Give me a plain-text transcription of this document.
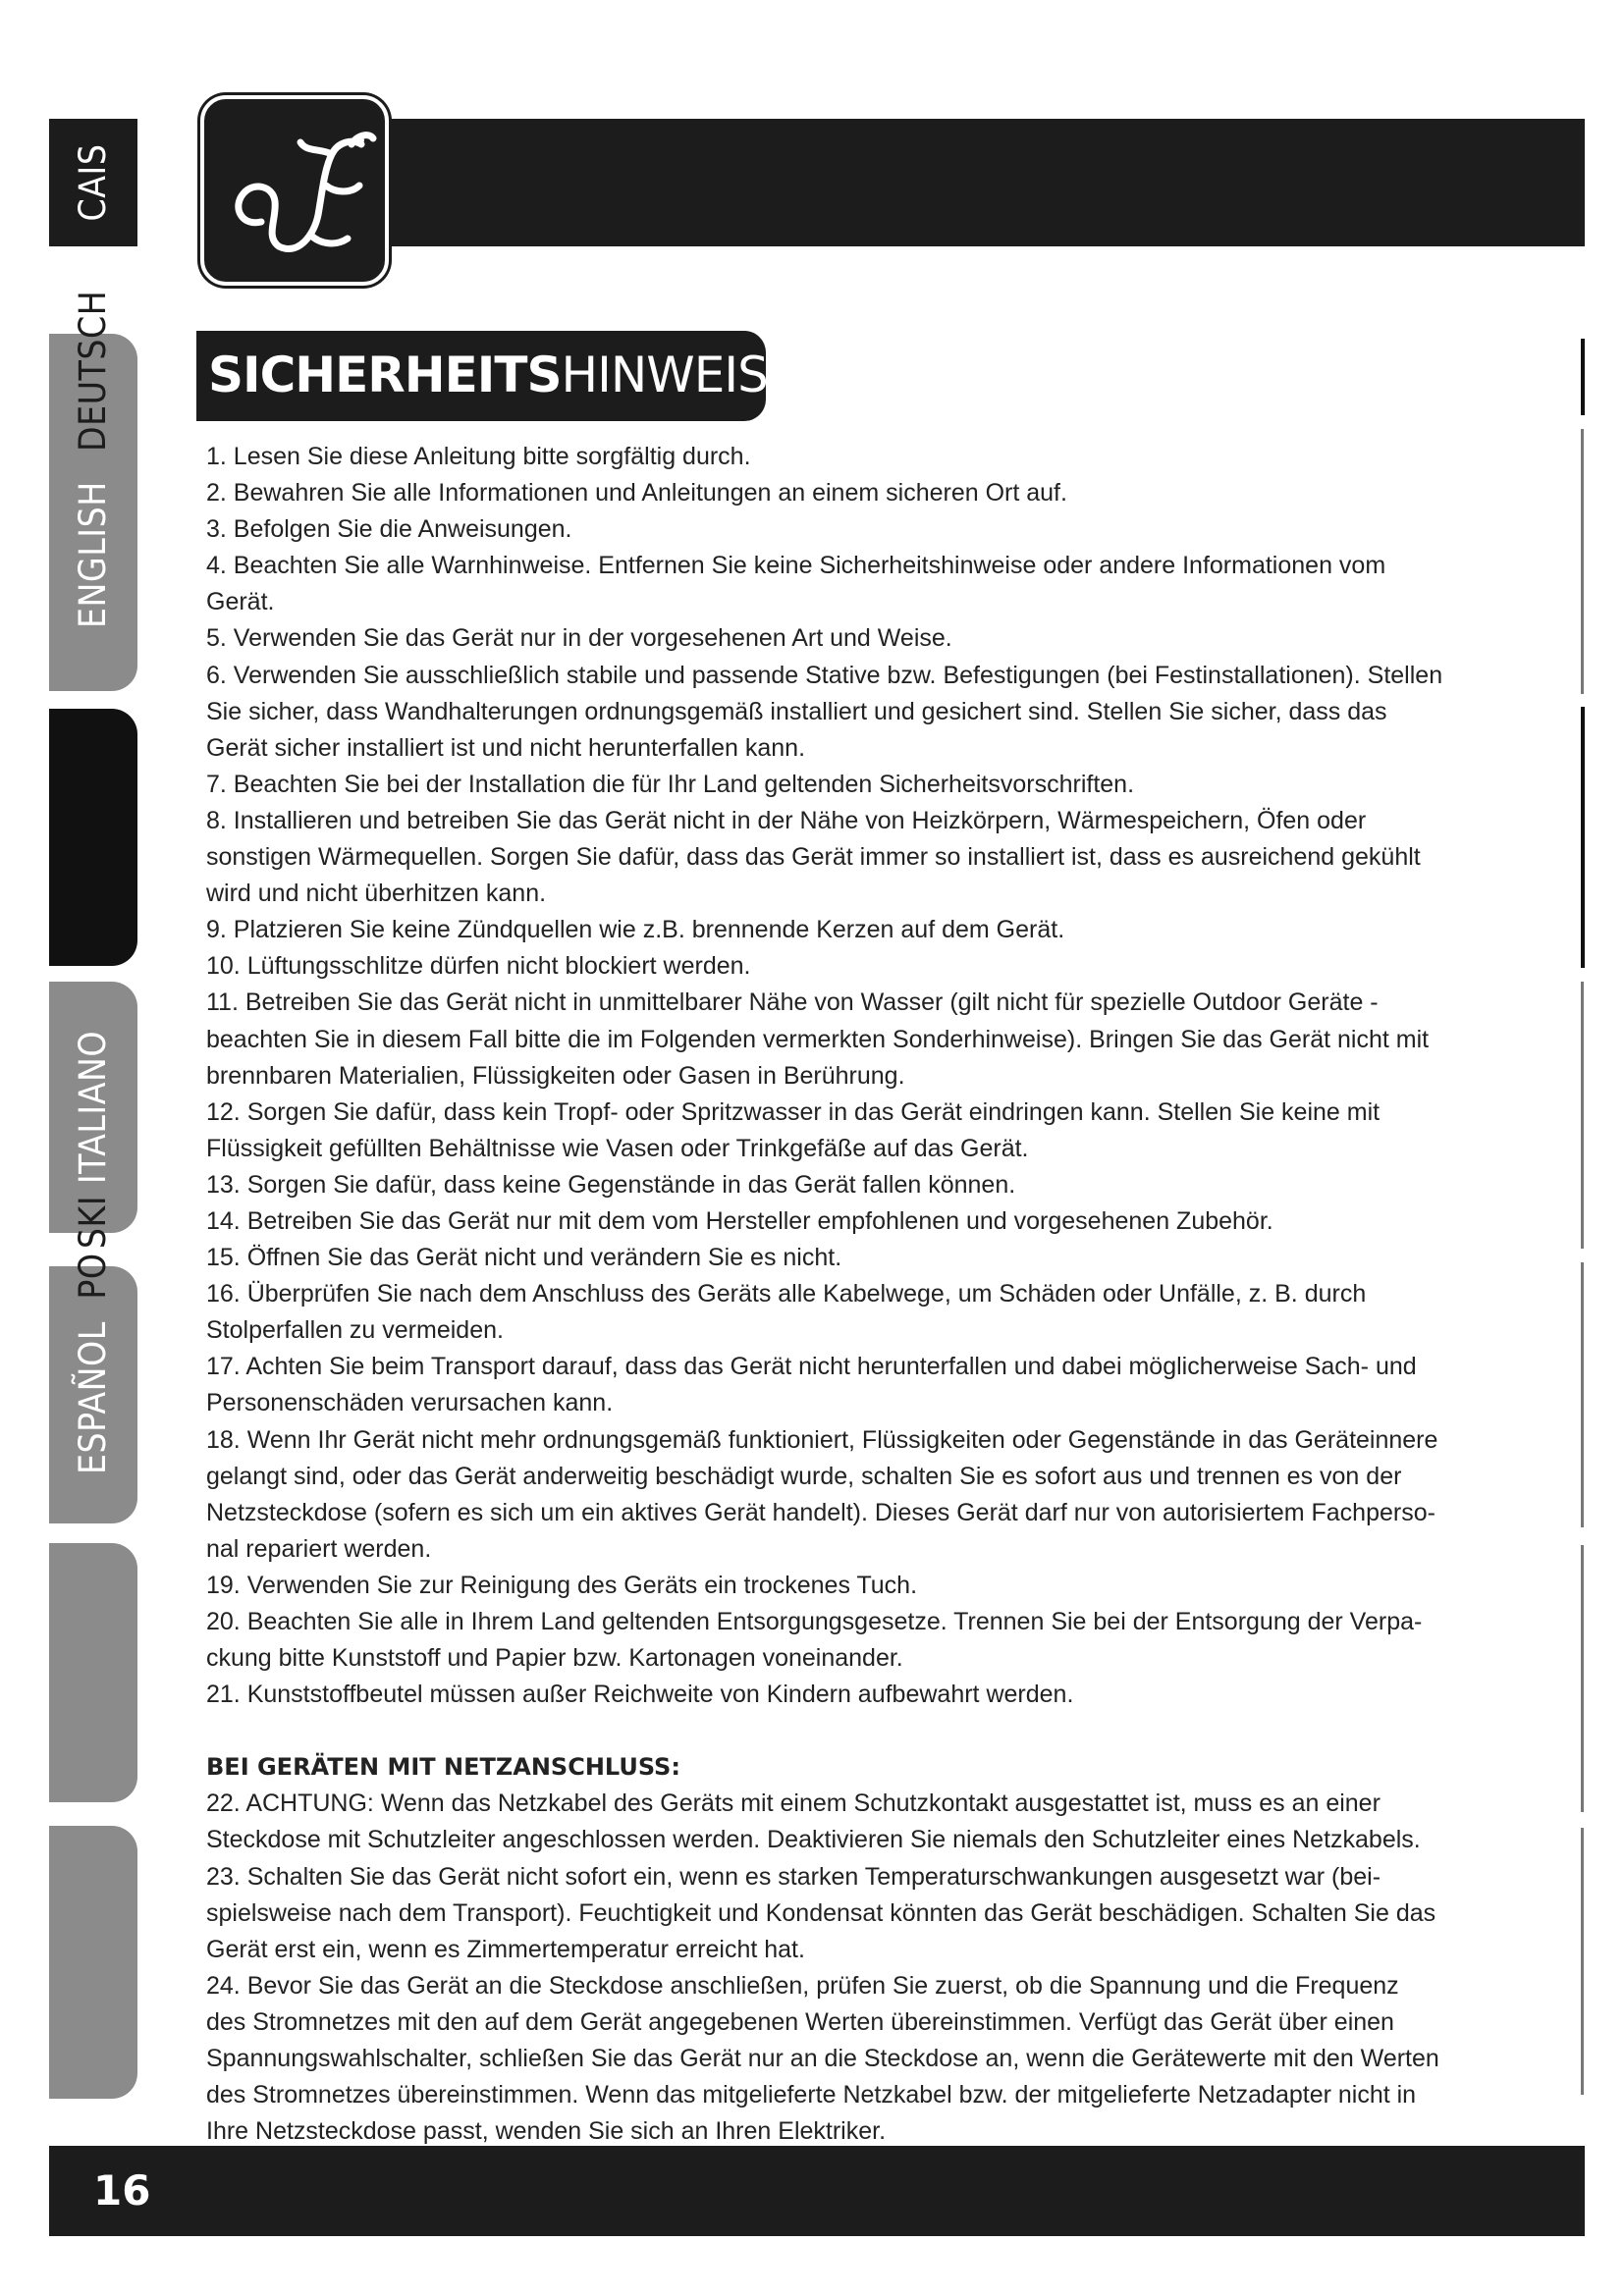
CAIS
ENGLISH
DEUTSCH
ITALIANO
SKI
ESPAÑOL
PO
SICHERHEITSHINWEISE:

1. Lesen Sie diese Anleitung bitte sorgfältig durch.

2. Bewahren Sie alle Informationen und Anleitungen an einem sicheren Ort auf.

3. Befolgen Sie die Anweisungen.

4. Beachten Sie alle Warnhinweise. Entfernen Sie keine Sicherheitshinweise oder andere Informationen vom Gerät.

5. Verwenden Sie das Gerät nur in der vorgesehenen Art und Weise.

6. Verwenden Sie ausschließlich stabile und passende Stative bzw. Befestigungen (bei Festinstallationen). Stellen Sie sicher, dass Wandhalterungen ordnungsgemäß installiert und gesichert sind. Stellen Sie sicher, dass das Gerät sicher installiert ist und nicht herunterfallen kann.

7. Beachten Sie bei der Installation die für Ihr Land geltenden Sicherheitsvorschriften.

8. Installieren und betreiben Sie das Gerät nicht in der Nähe von Heizkörpern, Wärmespeichern, Öfen oder sonstigen Wärmequellen. Sorgen Sie dafür, dass das Gerät immer so installiert ist, dass es ausreichend gekühlt wird und nicht überhitzen kann.

9. Platzieren Sie keine Zündquellen wie z.B. brennende Kerzen auf dem Gerät.

10. Lüftungsschlitze dürfen nicht blockiert werden.

11. Betreiben Sie das Gerät nicht in unmittelbarer Nähe von Wasser (gilt nicht für spezielle Outdoor Geräte - beachten Sie in diesem Fall bitte die im Folgenden vermerkten Sonderhinweise). Bringen Sie das Gerät nicht mit brennbaren Materialien, Flüssigkeiten oder Gasen in Berührung.

12. Sorgen Sie dafür, dass kein Tropf- oder Spritzwasser in das Gerät eindringen kann. Stellen Sie keine mit Flüssigkeit gefüllten Behältnisse wie Vasen oder Trinkgefäße auf das Gerät.

13. Sorgen Sie dafür, dass keine Gegenstände in das Gerät fallen können.

14. Betreiben Sie das Gerät nur mit dem vom Hersteller empfohlenen und vorgesehenen Zubehör.

15. Öffnen Sie das Gerät nicht und verändern Sie es nicht.

16. Überprüfen Sie nach dem Anschluss des Geräts alle Kabelwege, um Schäden oder Unfälle, z. B. durch Stolperfallen zu vermeiden.

17. Achten Sie beim Transport darauf, dass das Gerät nicht herunterfallen und dabei möglicherweise Sach- und Personenschäden verursachen kann.

18. Wenn Ihr Gerät nicht mehr ordnungsgemäß funktioniert, Flüssigkeiten oder Gegenstände in das Geräteinnere gelangt sind, oder das Gerät anderweitig beschädigt wurde, schalten Sie es sofort aus und trennen es von der Netzsteckdose (sofern es sich um ein aktives Gerät handelt). Dieses Gerät darf nur von autorisiertem Fachperso-nal repariert werden.

19. Verwenden Sie zur Reinigung des Geräts ein trockenes Tuch.

20. Beachten Sie alle in Ihrem Land geltenden Entsorgungsgesetze. Trennen Sie bei der Entsorgung der Verpa-ckung bitte Kunststoff und Papier bzw. Kartonagen voneinander.

21. Kunststoffbeutel müssen außer Reichweite von Kindern aufbewahrt werden.

BEI GERÄTEN MIT NETZANSCHLUSS:

22. ACHTUNG: Wenn das Netzkabel des Geräts mit einem Schutzkontakt ausgestattet ist, muss es an einer Steckdose mit Schutzleiter angeschlossen werden. Deaktivieren Sie niemals den Schutzleiter eines Netzkabels.

23. Schalten Sie das Gerät nicht sofort ein, wenn es starken Temperaturschwankungen ausgesetzt war (bei-spielsweise nach dem Transport). Feuchtigkeit und Kondensat könnten das Gerät beschädigen. Schalten Sie das Gerät erst ein, wenn es Zimmertemperatur erreicht hat.

24. Bevor Sie das Gerät an die Steckdose anschließen, prüfen Sie zuerst, ob die Spannung und die Frequenz des Stromnetzes mit den auf dem Gerät angegebenen Werten übereinstimmen. Verfügt das Gerät über einen Spannungswahlschalter, schließen Sie das Gerät nur an die Steckdose an, wenn die Gerätewerte mit den Werten des Stromnetzes übereinstimmen. Wenn das mitgelieferte Netzkabel bzw. der mitgelieferte Netzadapter nicht in Ihre Netzsteckdose passt, wenden Sie sich an Ihren Elektriker.

16
